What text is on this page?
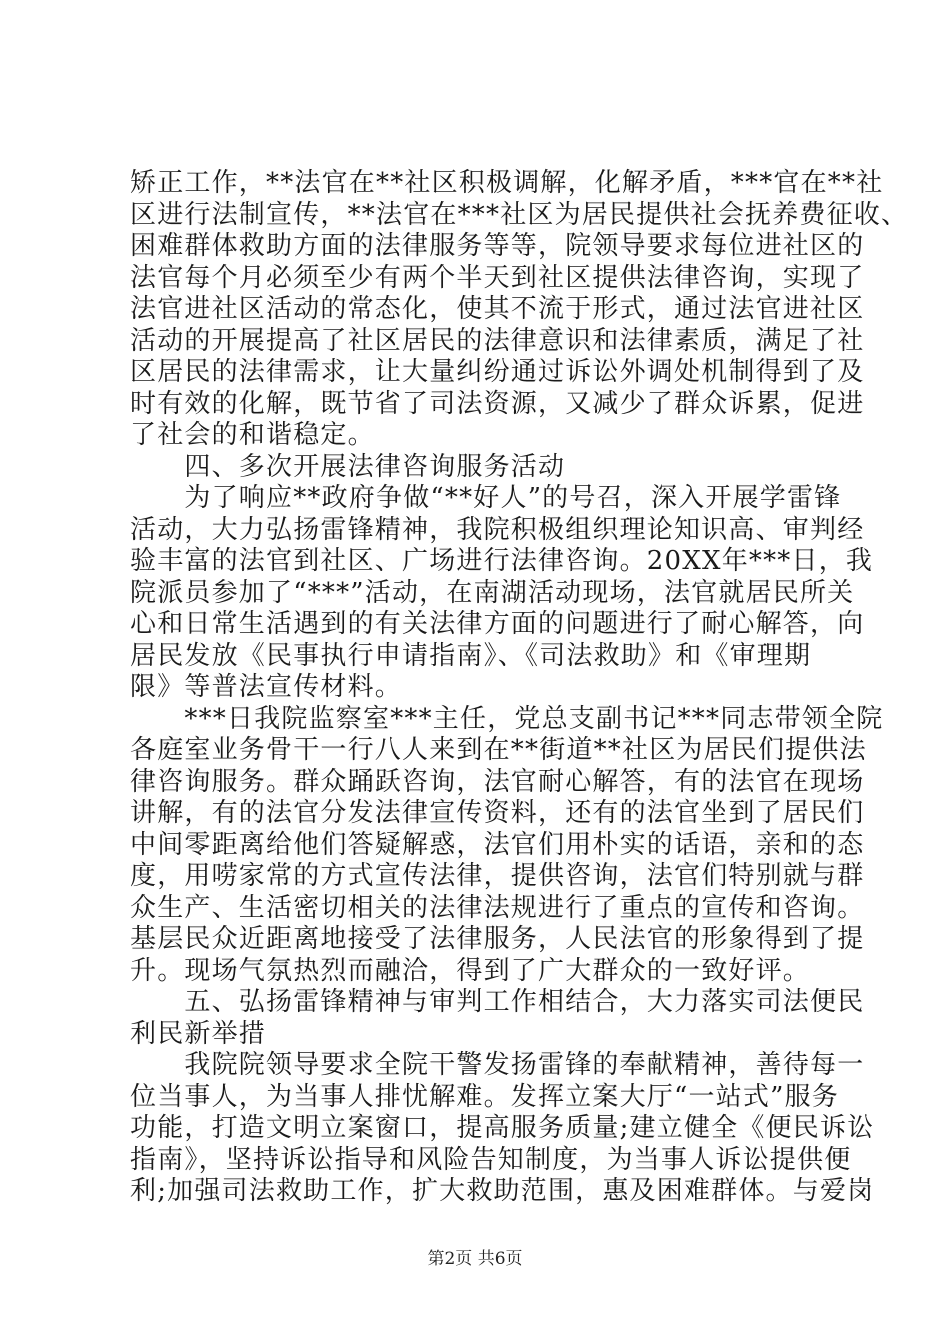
矫正工作，**法官在**社区积极调解，化解矛盾，***官在**社
区进行法制宣传，**法官在***社区为居民提供社会抚养费征收、
困难群体救助方面的法律服务等等，院领导要求每位进社区的
法官每个月必须至少有两个半天到社区提供法律咨询，实现了
法官进社区活动的常态化，使其不流于形式，通过法官进社区
活动的开展提高了社区居民的法律意识和法律素质，满足了社
区居民的法律需求，让大量纠纷通过诉讼外调处机制得到了及
时有效的化解，既节省了司法资源，又减少了群众诉累，促进
了社会的和谐稳定。
　　四、多次开展法律咨询服务活动
　　为了响应**政府争做“**好人”的号召，深入开展学雷锋
活动，大力弘扬雷锋精神，我院积极组织理论知识高、审判经
验丰富的法官到社区、广场进行法律咨询。20XX年***日，我
院派员参加了“***”活动，在南湖活动现场，法官就居民所关
心和日常生活遇到的有关法律方面的问题进行了耐心解答，向
居民发放《民事执行申请指南》、《司法救助》和《审理期
限》等普法宣传材料。
　　***日我院监察室***主任，党总支副书记***同志带领全院
各庭室业务骨干一行八人来到在**街道**社区为居民们提供法
律咨询服务。群众踊跃咨询，法官耐心解答，有的法官在现场
讲解，有的法官分发法律宣传资料，还有的法官坐到了居民们
中间零距离给他们答疑解惑，法官们用朴实的话语，亲和的态
度，用唠家常的方式宣传法律，提供咨询，法官们特别就与群
众生产、生活密切相关的法律法规进行了重点的宣传和咨询。
基层民众近距离地接受了法律服务，人民法官的形象得到了提
升。现场气氛热烈而融洽，得到了广大群众的一致好评。
　　五、弘扬雷锋精神与审判工作相结合，大力落实司法便民
利民新举措
　　我院院领导要求全院干警发扬雷锋的奉献精神，善待每一
位当事人，为当事人排忧解难。发挥立案大厅“一站式”服务
功能，打造文明立案窗口，提高服务质量;建立健全《便民诉讼
指南》，坚持诉讼指导和风险告知制度，为当事人诉讼提供便
利;加强司法救助工作，扩大救助范围，惠及困难群体。与爱岗
第2页 共6页
